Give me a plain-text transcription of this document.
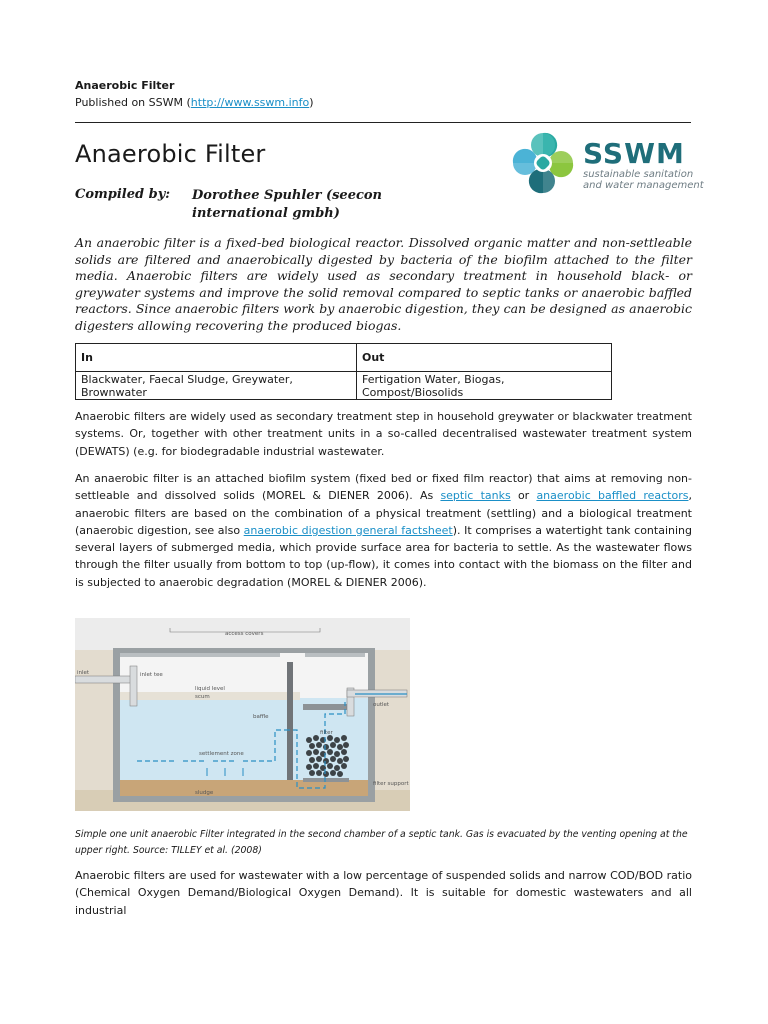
Anaerobic Filter
Published on SSWM (http://www.sswm.info)
Anaerobic Filter	SSWM
sustainable sanitation
and water management
Compiled by: Dorothee Spuhler (seecon international gmbh)
An anaerobic filter is a fixed-bed biological reactor. Dissolved organic matter and non-settleable solids are filtered and anaerobically digested by bacteria of the biofilm attached to the filter media. Anaerobic filters are widely used as secondary treatment in household black- or greywater systems and improve the solid removal compared to septic tanks or anaerobic baffled reactors. Since anaerobic filters work by anaerobic digestion, they can be designed as anaerobic digesters allowing recovering the produced biogas.
In	Out
Blackwater, Faecal Sludge, Greywater, Brownwater	Fertigation Water, Biogas, Compost/Biosolids
Anaerobic filters are widely used as secondary treatment step in household greywater or blackwater treatment systems. Or, together with other treatment units in a so-called decentralised wastewater treatment system (DEWATS) (e.g. for biodegradable industrial wastewater.
An anaerobic filter is an attached biofilm system (fixed bed or fixed film reactor) that aims at removing non-settleable and dissolved solids (MOREL & DIENER 2006). As septic tanks or anaerobic baffled reactors, anaerobic filters are based on the combination of a physical treatment (settling) and a biological treatment (anaerobic digestion, see also anaerobic digestion general factsheet). It comprises a watertight tank containing several layers of submerged media, which provide surface area for bacteria to settle. As the wastewater flows through the filter usually from bottom to top (up-flow), it comes into contact with the biomass on the filter and is subjected to anaerobic degradation (MOREL & DIENER 2006).
access covers
inlet	inlet tee
liquid level
scum
baffle
settlement zone
sludge
filter
outlet
filter support
Simple one unit anaerobic Filter integrated in the second chamber of a septic tank. Gas is evacuated by the venting opening at the upper right. Source: TILLEY et al. (2008)
Anaerobic filters are used for wastewater with a low percentage of suspended solids and narrow COD/BOD ratio (Chemical Oxygen Demand/Biological Oxygen Demand). It is suitable for domestic wastewaters and all industrial
